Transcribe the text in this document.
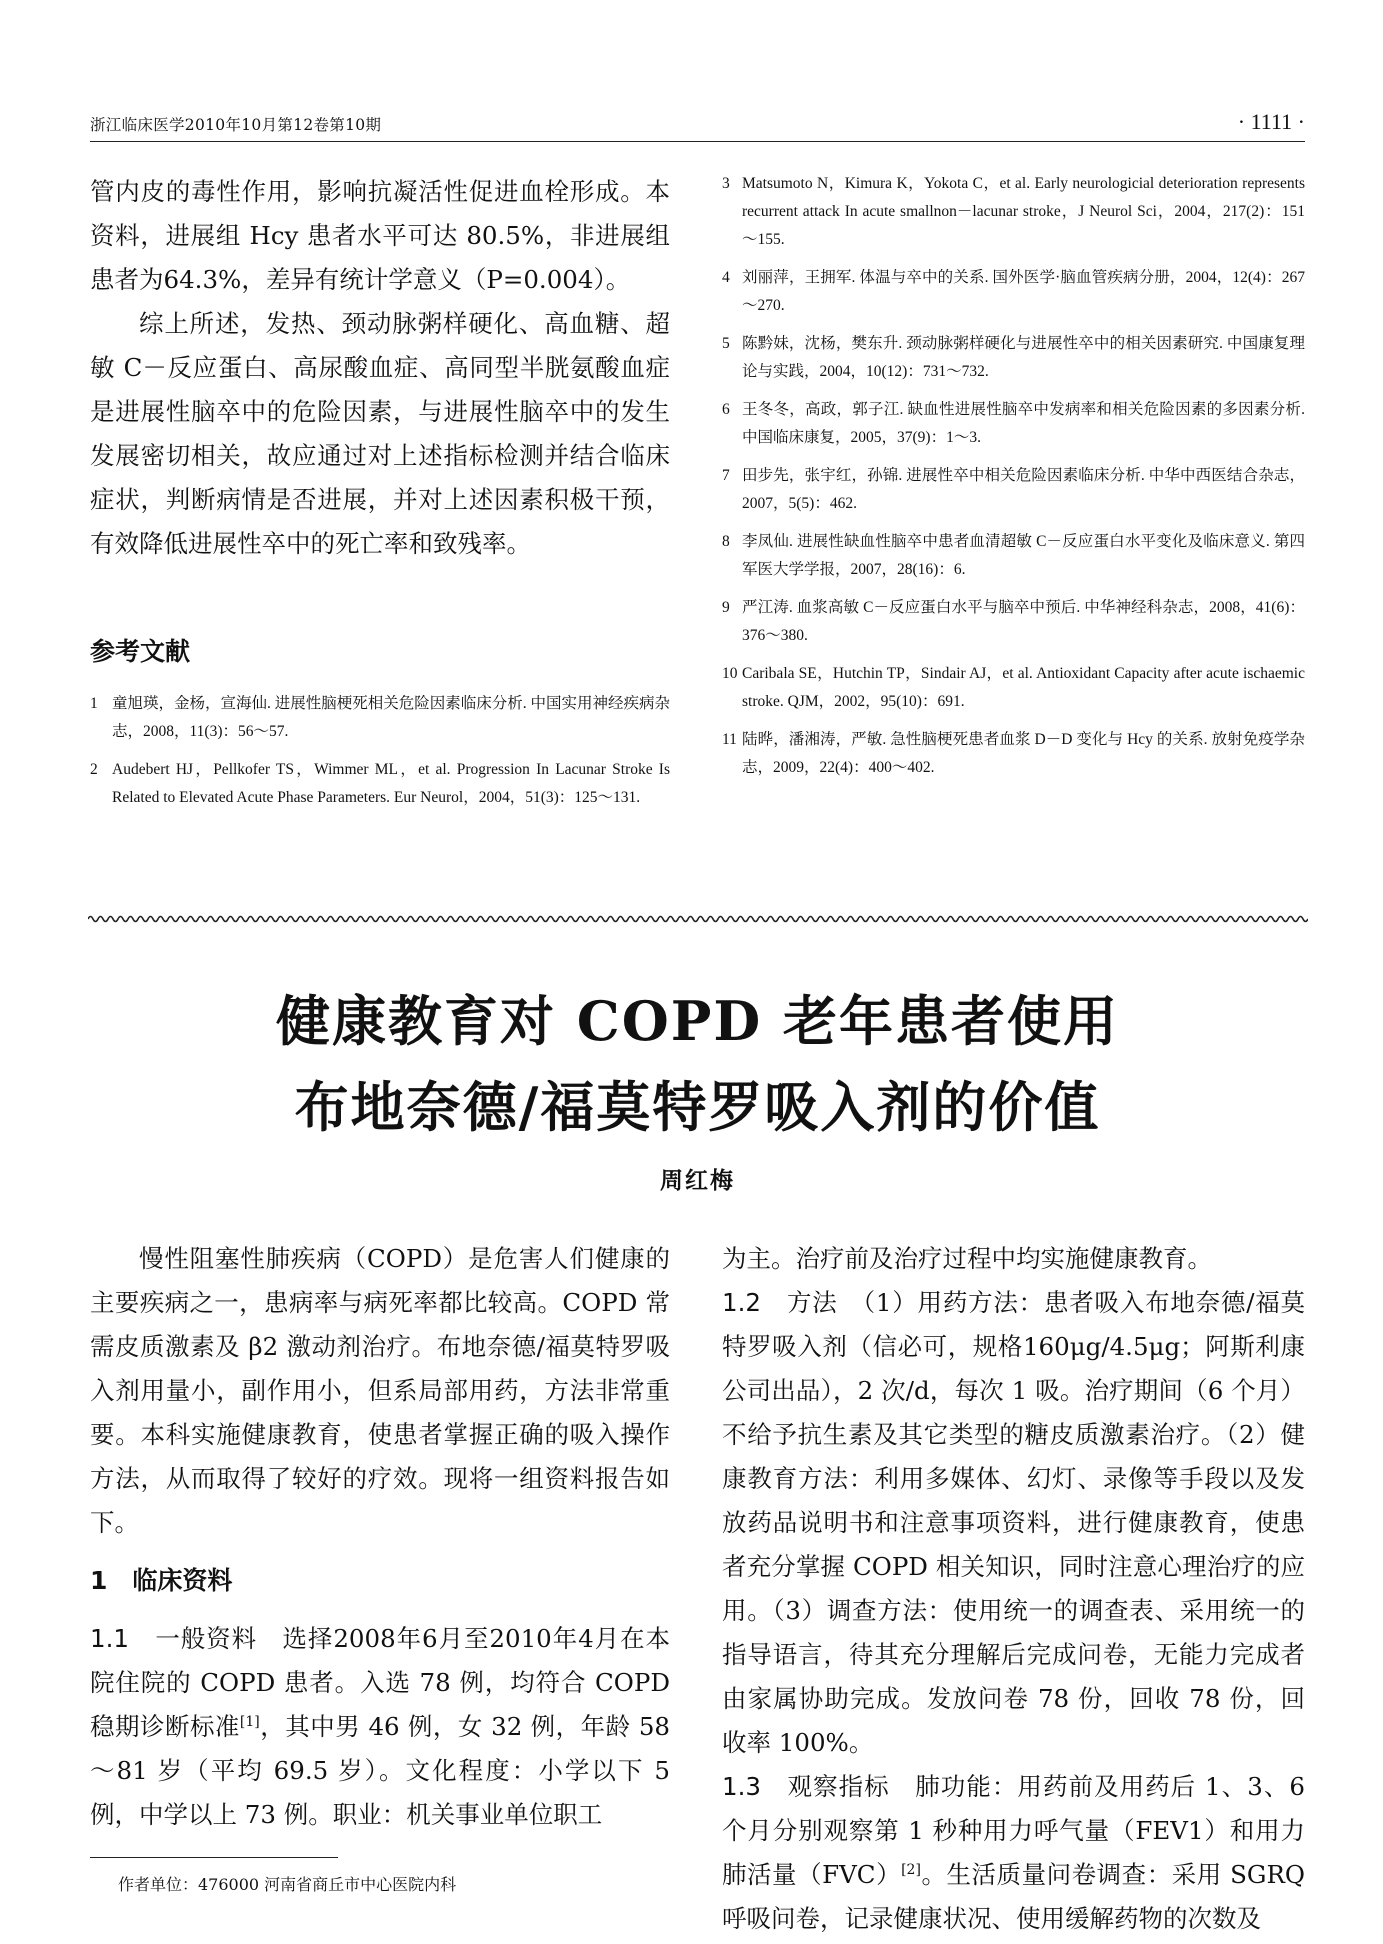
浙江临床医学2010年10月第12卷第10期	· 1111 ·

管内皮的毒性作用，影响抗凝活性促进血栓形成。本资料，进展组 Hcy 患者水平可达 80.5%，非进展组患者为64.3%，差异有统计学意义（P=0.004）。

综上所述，发热、颈动脉粥样硬化、高血糖、超敏 C－反应蛋白、高尿酸血症、高同型半胱氨酸血症是进展性脑卒中的危险因素，与进展性脑卒中的发生发展密切相关，故应通过对上述指标检测并结合临床症状，判断病情是否进展，并对上述因素积极干预，有效降低进展性卒中的死亡率和致残率。

参考文献
1 童旭瑛，金杨，宣海仙. 进展性脑梗死相关危险因素临床分析. 中国实用神经疾病杂志，2008，11(3)：56～57.
2 Audebert HJ，Pellkofer TS，Wimmer ML，et al. Progression In Lacunar Stroke Is Related to Elevated Acute Phase Parameters. Eur Neurol，2004，51(3)：125～131.
3 Matsumoto N，Kimura K，Yokota C，et al. Early neurologicial deterioration represents recurrent attack In acute smallnon－lacunar stroke，J Neurol Sci，2004，217(2)：151～155.
4 刘丽萍，王拥军. 体温与卒中的关系. 国外医学·脑血管疾病分册，2004，12(4)：267～270.
5 陈黔妹，沈杨，樊东升. 颈动脉粥样硬化与进展性卒中的相关因素研究. 中国康复理论与实践，2004，10(12)：731～732.
6 王冬冬，高政，郭子江. 缺血性进展性脑卒中发病率和相关危险因素的多因素分析. 中国临床康复，2005，37(9)：1～3.
7 田步先，张宇红，孙锦. 进展性卒中相关危险因素临床分析. 中华中西医结合杂志，2007，5(5)：462.
8 李凤仙. 进展性缺血性脑卒中患者血清超敏 C－反应蛋白水平变化及临床意义. 第四军医大学学报，2007，28(16)：6.
9 严江涛. 血浆高敏 C－反应蛋白水平与脑卒中预后. 中华神经科杂志，2008，41(6)：376～380.
10 Caribala SE，Hutchin TP，Sindair AJ，et al. Antioxidant Capacity after acute ischaemic stroke. QJM，2002，95(10)：691.
11 陆晔，潘湘涛，严敏. 急性脑梗死患者血浆 D－D 变化与 Hcy 的关系. 放射免疫学杂志，2009，22(4)：400～402.
健康教育对 COPD 老年患者使用
布地奈德/福莫特罗吸入剂的价值
周红梅

慢性阻塞性肺疾病（COPD）是危害人们健康的主要疾病之一，患病率与病死率都比较高。COPD 常需皮质激素及 β2 激动剂治疗。布地奈德/福莫特罗吸入剂用量小，副作用小，但系局部用药，方法非常重要。本科实施健康教育，使患者掌握正确的吸入操作方法，从而取得了较好的疗效。现将一组资料报告如下。

1　临床资料

1.1　一般资料　 选择2008年6月至2010年4月在本院住院的 COPD 患者。入选 78 例，均符合 COPD 稳期诊断标准[1]，其中男 46 例，女 32 例，年龄 58～81 岁（平均 69.5 岁）。文化程度：小学以下 5 例，中学以上 73 例。职业：机关事业单位职工

为主。治疗前及治疗过程中均实施健康教育。

1.2　方法　 （1）用药方法：患者吸入布地奈德/福莫特罗吸入剂（信必可，规格160μg/4.5μg；阿斯利康公司出品），2 次/d，每次 1 吸。治疗期间（6 个月）不给予抗生素及其它类型的糖皮质激素治疗。（2）健康教育方法：利用多媒体、幻灯、录像等手段以及发放药品说明书和注意事项资料，进行健康教育，使患者充分掌握 COPD 相关知识，同时注意心理治疗的应用。（3）调查方法：使用统一的调查表、采用统一的指导语言，待其充分理解后完成问卷，无能力完成者由家属协助完成。发放问卷 78 份，回收 78 份，回收率 100%。

1.3　观察指标　 肺功能：用药前及用药后 1、3、6 个月分别观察第 1 秒种用力呼气量（FEV1）和用力肺活量（FVC）[2]。生活质量问卷调查：采用 SGRQ 呼吸问卷，记录健康状况、使用缓解药物的次数及

作者单位：476000 河南省商丘市中心医院内科
